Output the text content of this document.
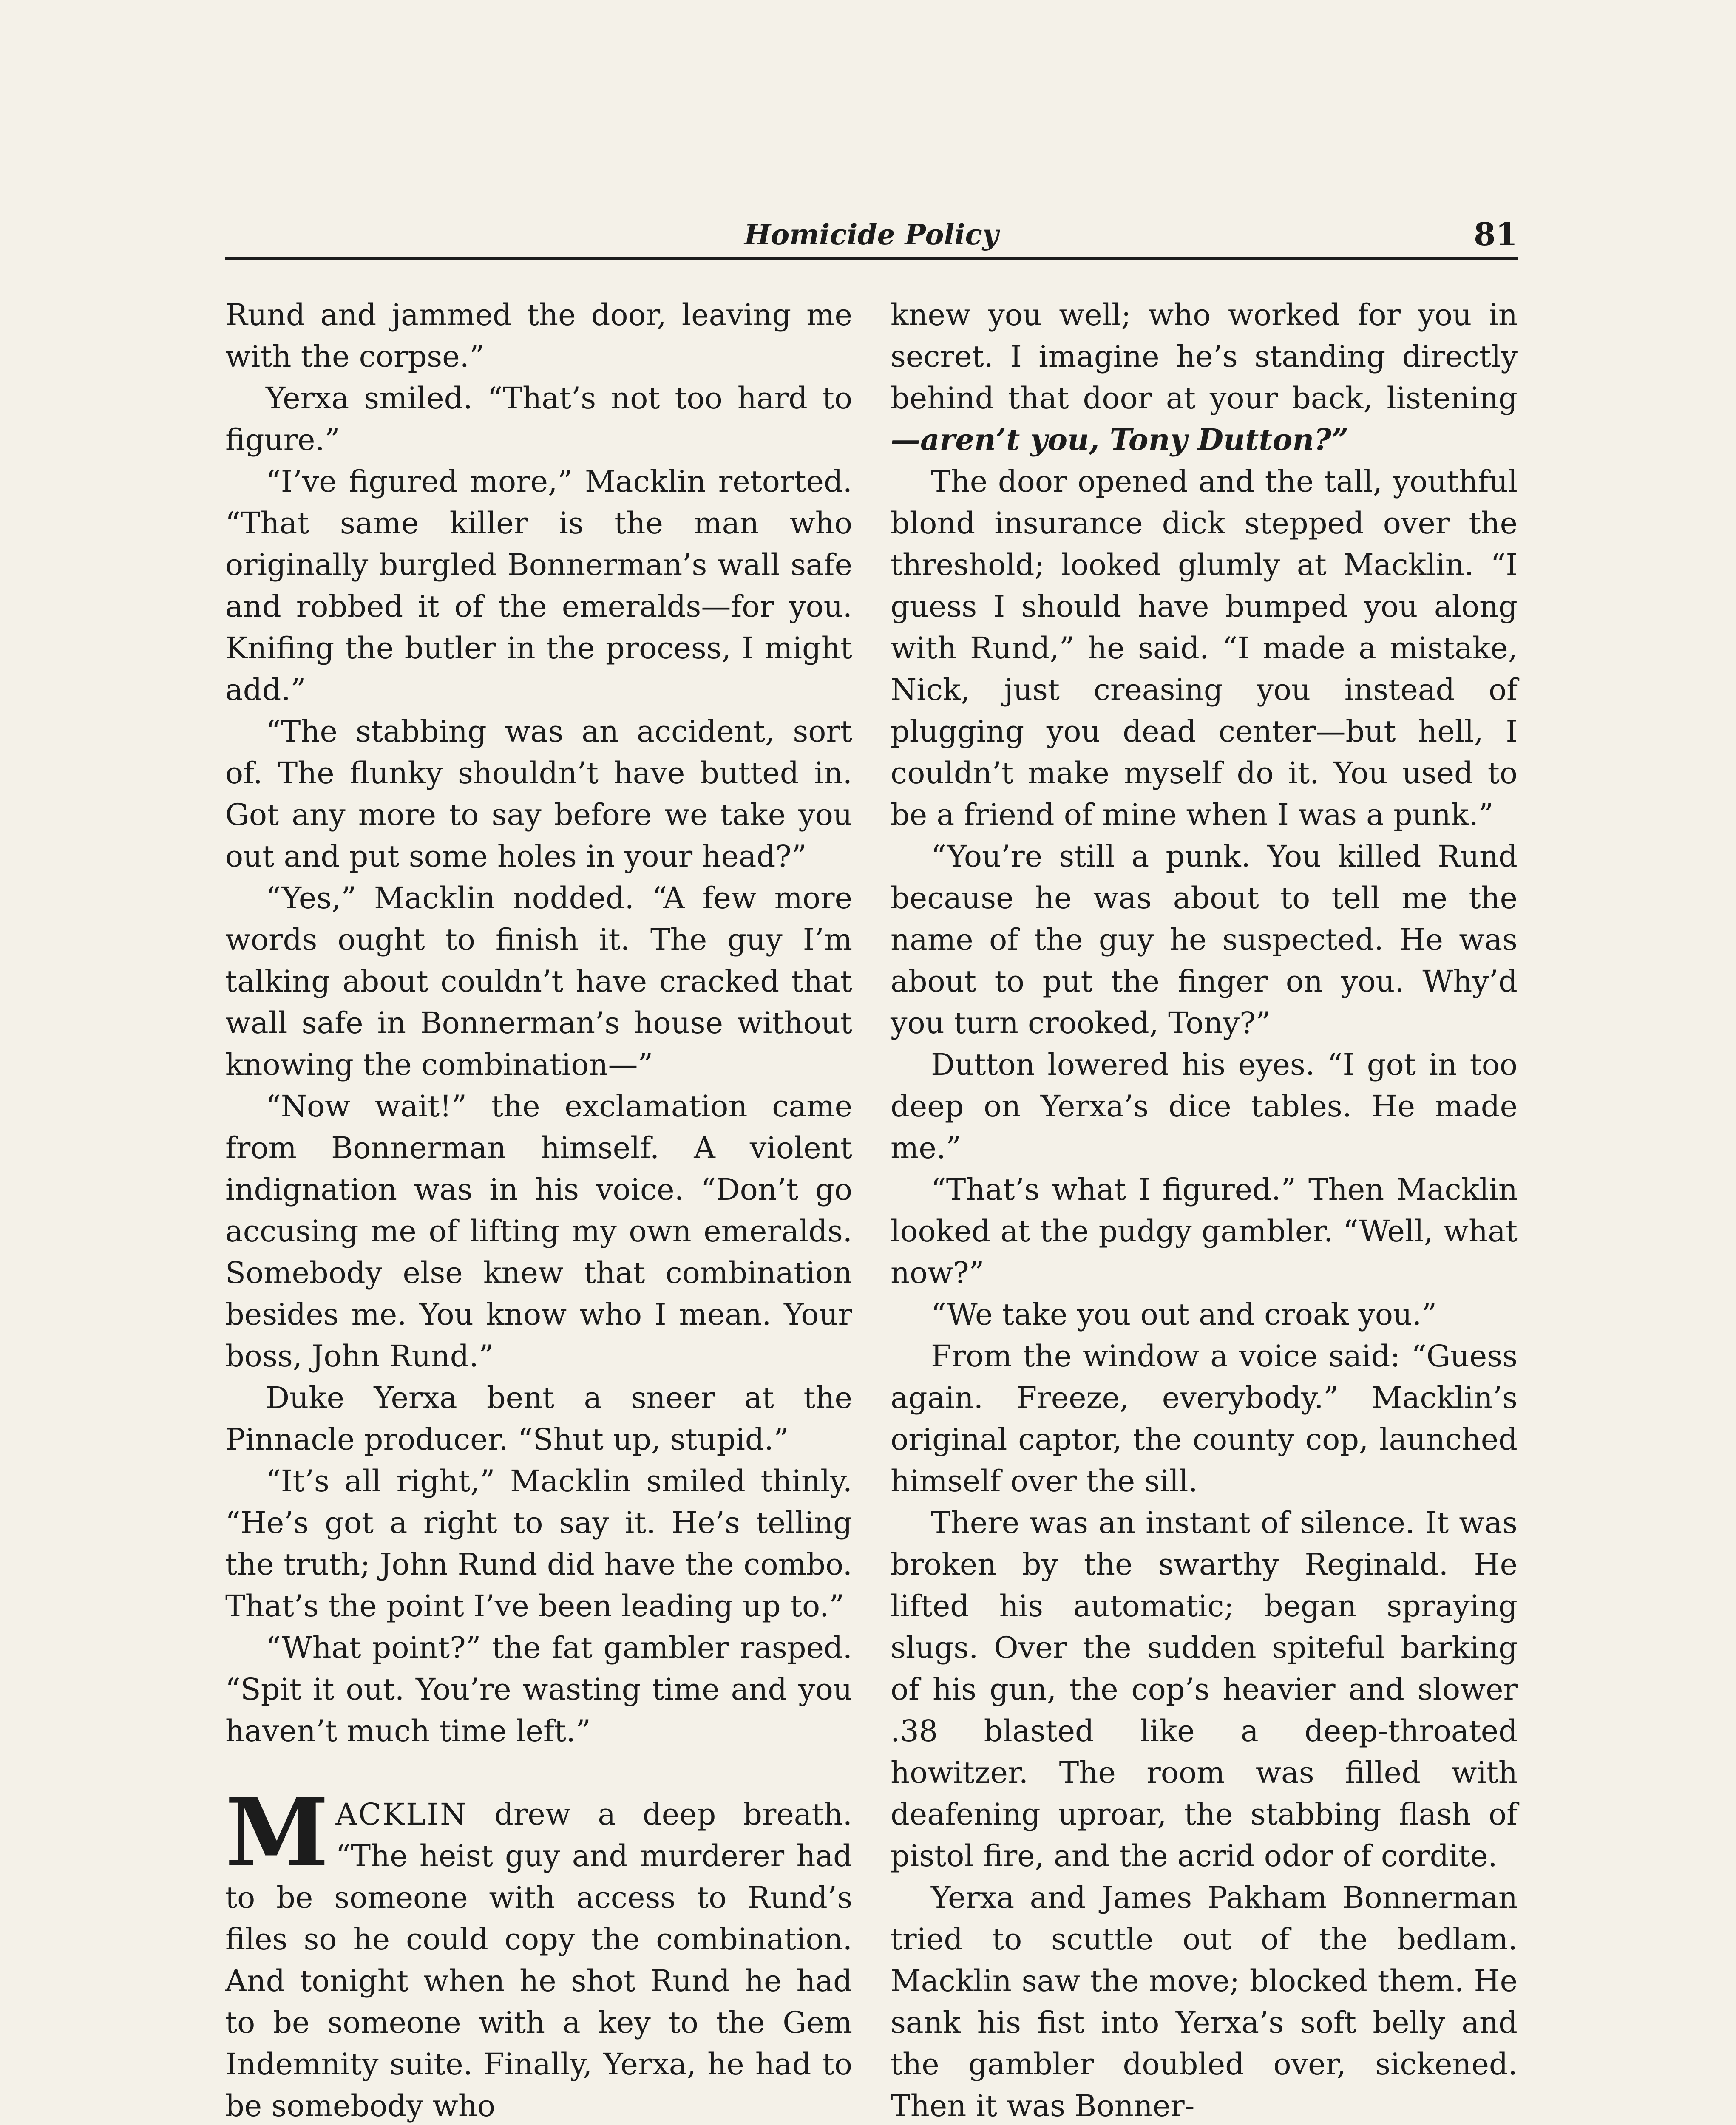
Homicide Policy	81

Rund and jammed the door, leaving me with the corpse.”

Yerxa smiled. “That’s not too hard to figure.”

“I’ve figured more,” Macklin retorted. “That same killer is the man who originally burgled Bonnerman’s wall safe and robbed it of the emeralds—for you. Knifing the butler in the process, I might add.”

“The stabbing was an accident, sort of. The flunky shouldn’t have butted in. Got any more to say before we take you out and put some holes in your head?”

“Yes,” Macklin nodded. “A few more words ought to finish it. The guy I’m talking about couldn’t have cracked that wall safe in Bonnerman’s house without knowing the combination—”

“Now wait!” the exclamation came from Bonnerman himself. A violent indignation was in his voice. “Don’t go accusing me of lifting my own emeralds. Somebody else knew that combination besides me. You know who I mean. Your boss, John Rund.”

Duke Yerxa bent a sneer at the Pinnacle producer. “Shut up, stupid.”

“It’s all right,” Macklin smiled thinly. “He’s got a right to say it. He’s telling the truth; John Rund did have the combo. That’s the point I’ve been leading up to.”

“What point?” the fat gambler rasped. “Spit it out. You’re wasting time and you haven’t much time left.”

MACKLIN drew a deep breath. “The heist guy and murderer had to be someone with access to Rund’s files so he could copy the combination. And tonight when he shot Rund he had to be someone with a key to the Gem Indemnity suite. Finally, Yerxa, he had to be somebody who

knew you well; who worked for you in secret. I imagine he’s standing directly behind that door at your back, listening—aren’t you, Tony Dutton?”

The door opened and the tall, youthful blond insurance dick stepped over the threshold; looked glumly at Macklin. “I guess I should have bumped you along with Rund,” he said. “I made a mistake, Nick, just creasing you instead of plugging you dead center—but hell, I couldn’t make myself do it. You used to be a friend of mine when I was a punk.”

“You’re still a punk. You killed Rund because he was about to tell me the name of the guy he suspected. He was about to put the finger on you. Why’d you turn crooked, Tony?”

Dutton lowered his eyes. “I got in too deep on Yerxa’s dice tables. He made me.”

“That’s what I figured.” Then Macklin looked at the pudgy gambler. “Well, what now?”

“We take you out and croak you.”

From the window a voice said: “Guess again. Freeze, everybody.” Macklin’s original captor, the county cop, launched himself over the sill.

There was an instant of silence. It was broken by the swarthy Reginald. He lifted his automatic; began spraying slugs. Over the sudden spiteful barking of his gun, the cop’s heavier and slower .38 blasted like a deep-throated howitzer. The room was filled with deafening uproar, the stabbing flash of pistol fire, and the acrid odor of cordite.

Yerxa and James Pakham Bonnerman tried to scuttle out of the bedlam. Macklin saw the move; blocked them. He sank his fist into Yerxa’s soft belly and the gambler doubled over, sickened. Then it was Bonner-
